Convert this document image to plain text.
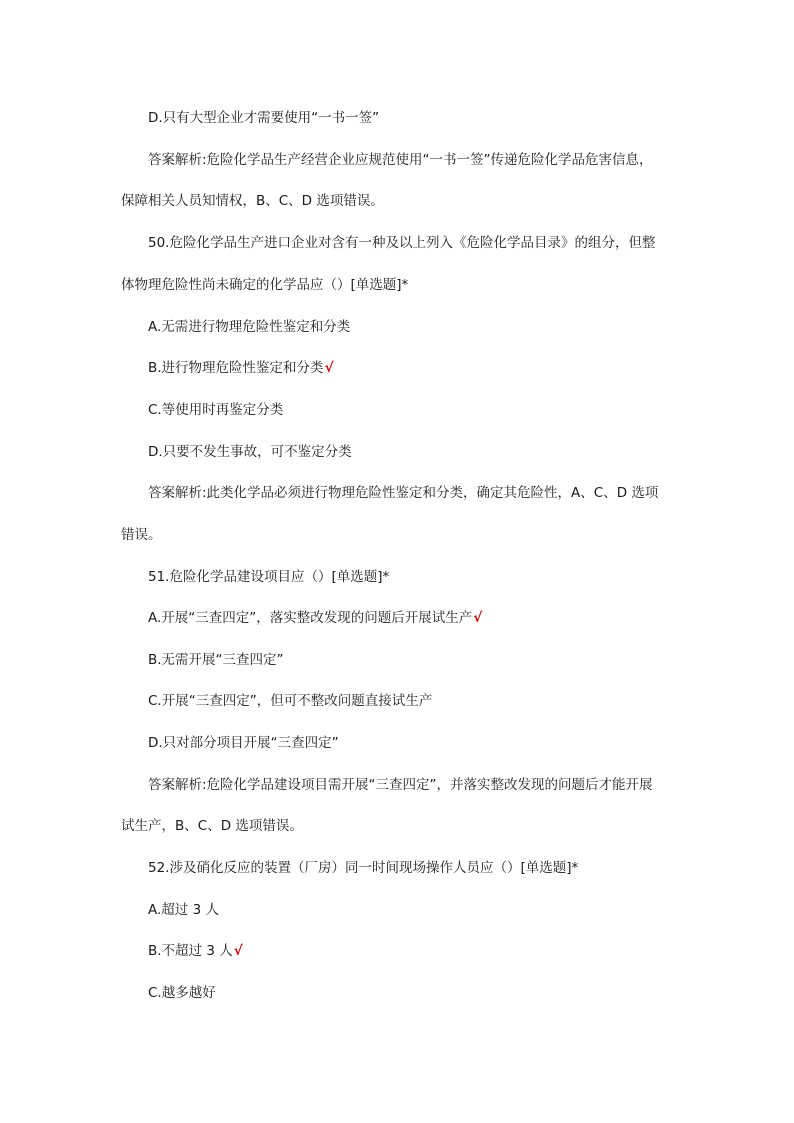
D.只有大型企业才需要使用“一书一签”
答案解析:危险化学品生产经营企业应规范使用“一书一签”传递危险化学品危害信息，
保障相关人员知情权，B、C、D 选项错误。
50.危险化学品生产进口企业对含有一种及以上列入《危险化学品目录》的组分，但整
体物理危险性尚未确定的化学品应（）[单选题]*
A.无需进行物理危险性鉴定和分类
B.进行物理危险性鉴定和分类√
C.等使用时再鉴定分类
D.只要不发生事故，可不鉴定分类
答案解析:此类化学品必须进行物理危险性鉴定和分类，确定其危险性，A、C、D 选项
错误。
51.危险化学品建设项目应（）[单选题]*
A.开展“三查四定”，落实整改发现的问题后开展试生产√
B.无需开展“三查四定”
C.开展“三查四定”，但可不整改问题直接试生产
D.只对部分项目开展“三查四定”
答案解析:危险化学品建设项目需开展“三查四定”，并落实整改发现的问题后才能开展
试生产，B、C、D 选项错误。
52.涉及硝化反应的装置（厂房）同一时间现场操作人员应（）[单选题]*
A.超过 3 人
B.不超过 3 人√
C.越多越好
